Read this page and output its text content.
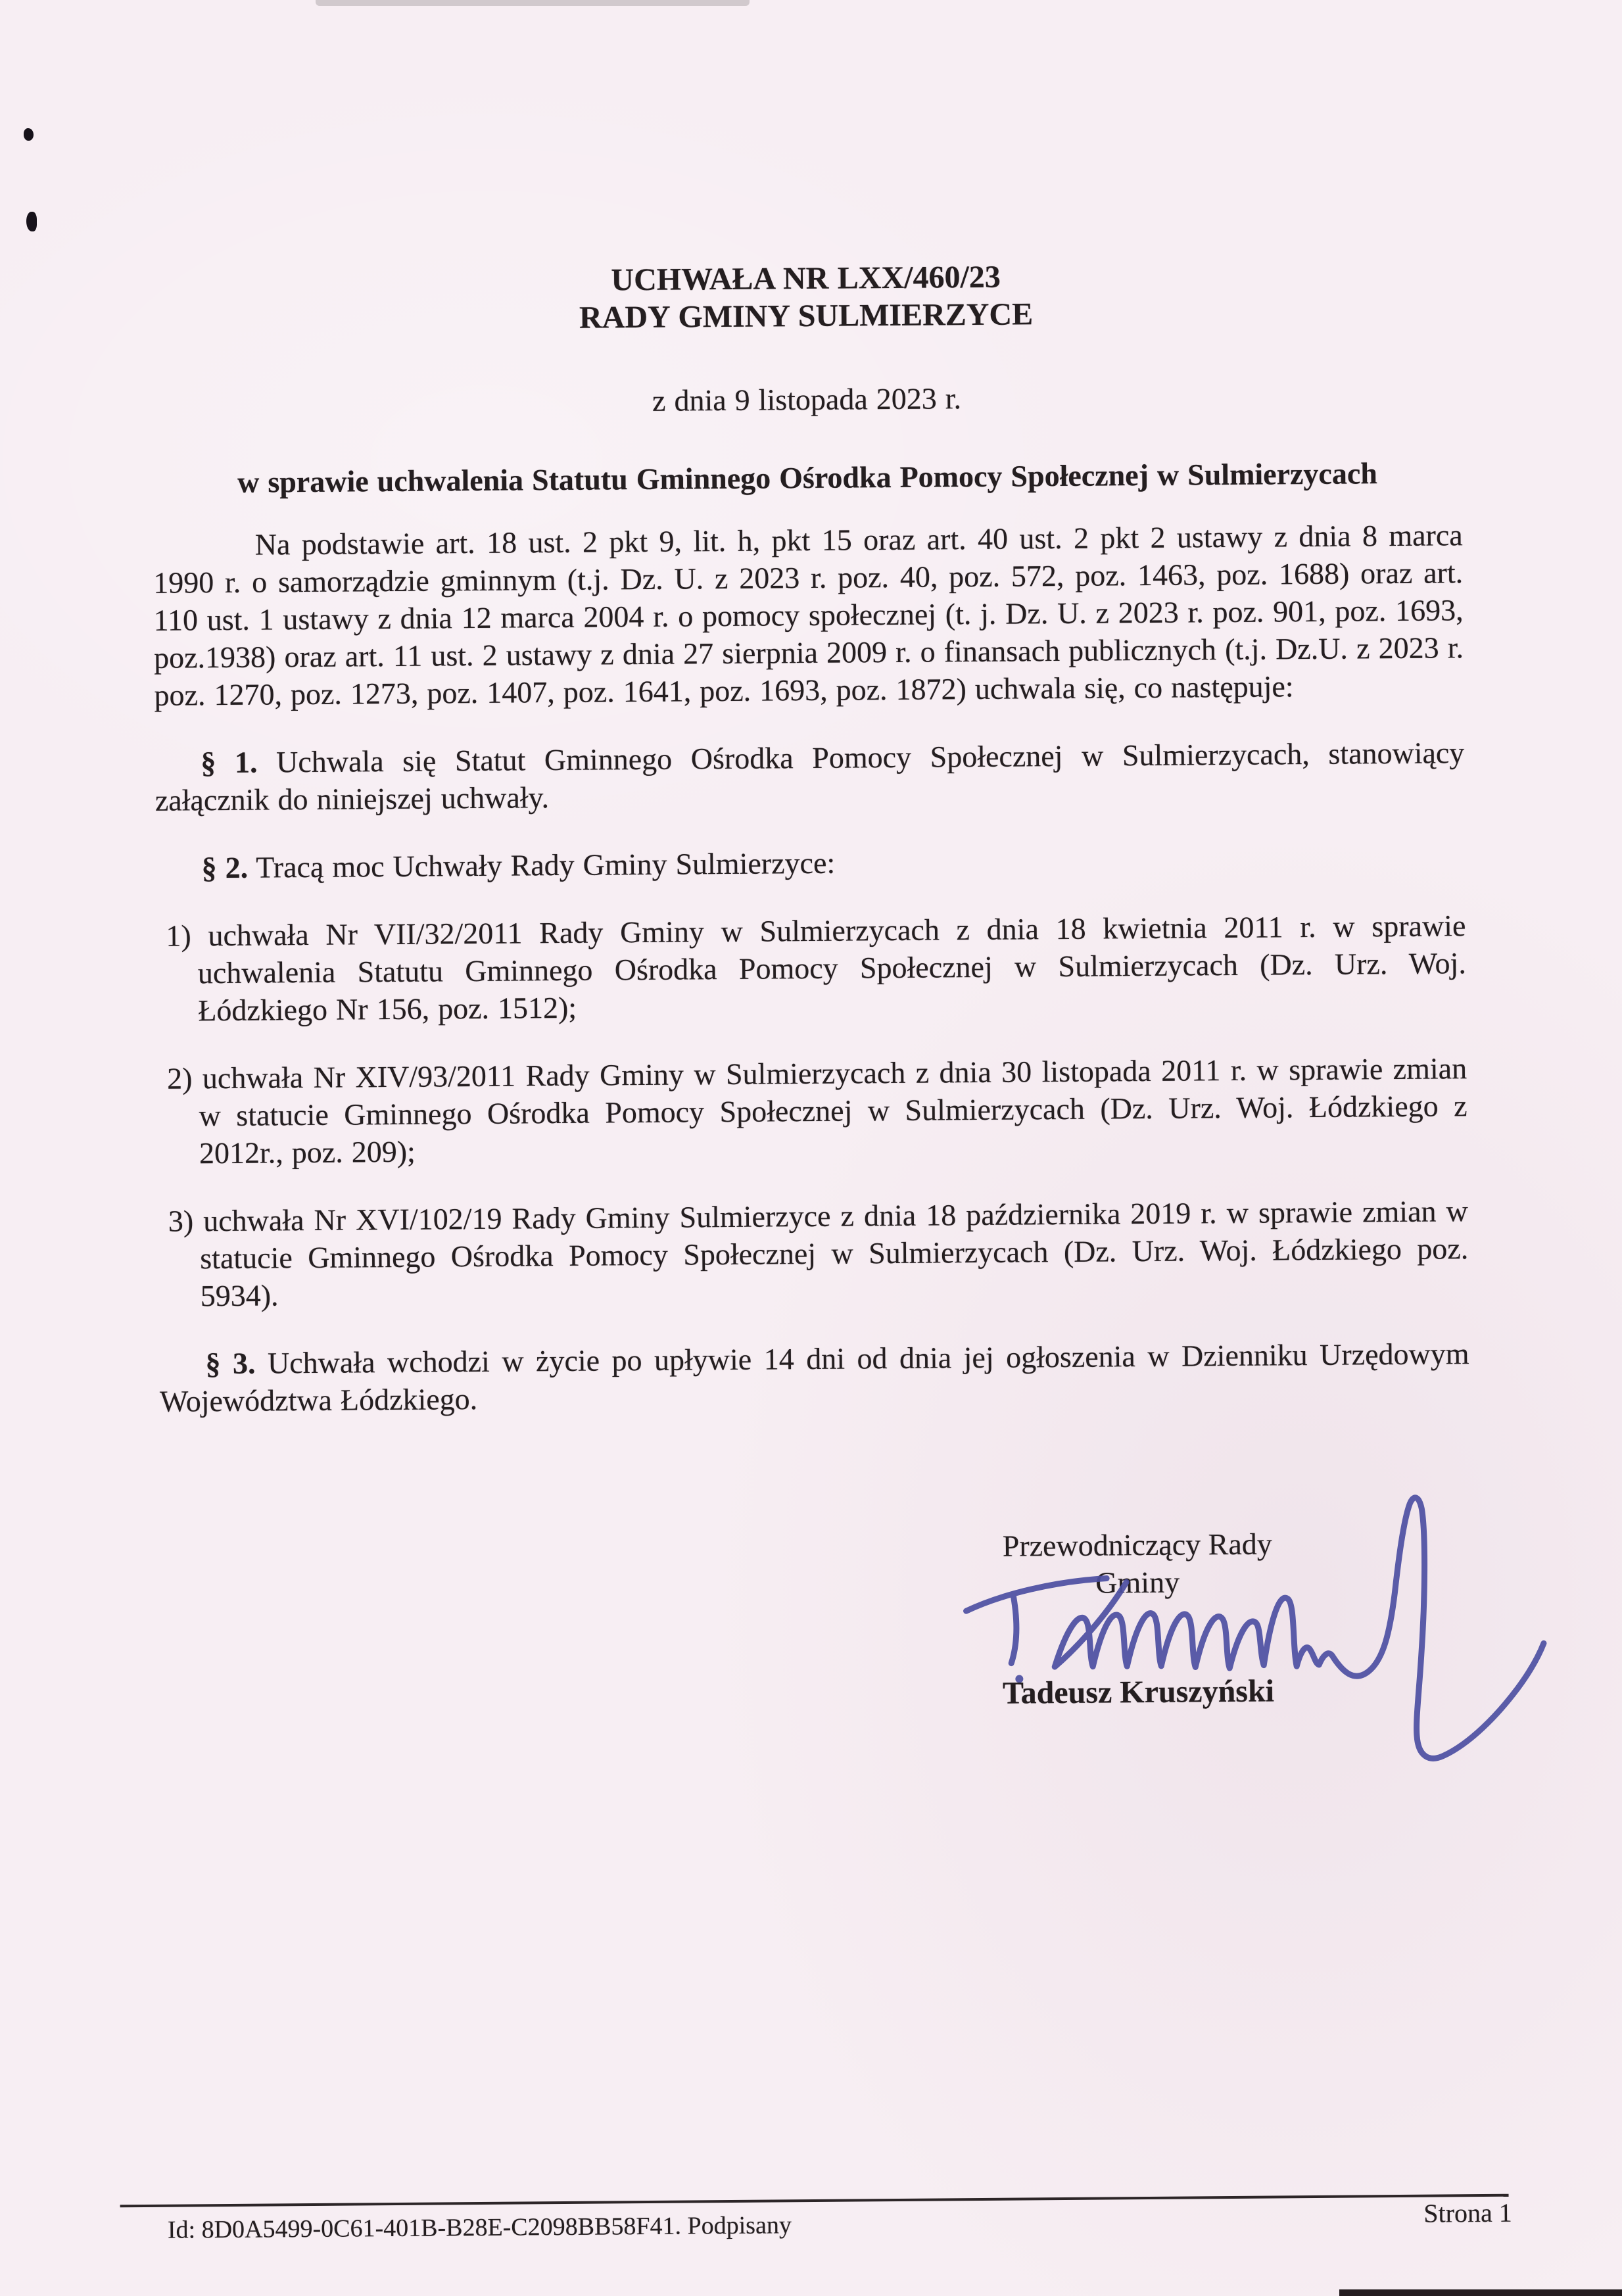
UCHWAŁA NR LXX/460/23
RADY GMINY SULMIERZYCE
z dnia 9 listopada 2023 r.
w sprawie uchwalenia Statutu Gminnego Ośrodka Pomocy Społecznej w Sulmierzycach

Na podstawie art. 18 ust. 2 pkt 9, lit. h, pkt 15 oraz art. 40 ust. 2 pkt 2 ustawy z dnia 8 marca 1990 r. o samorządzie gminnym (t.j. Dz. U. z 2023 r. poz. 40, poz. 572, poz. 1463, poz. 1688) oraz art. 110 ust. 1 ustawy z dnia 12 marca 2004 r. o pomocy społecznej (t. j. Dz. U. z 2023 r. poz. 901, poz. 1693, poz.1938) oraz art. 11 ust. 2 ustawy z dnia 27 sierpnia 2009 r. o finansach publicznych (t.j. Dz.U. z 2023 r. poz. 1270, poz. 1273, poz. 1407, poz. 1641, poz. 1693, poz. 1872) uchwala się, co następuje:

§ 1. Uchwala się Statut Gminnego Ośrodka Pomocy Społecznej w Sulmierzycach, stanowiący załącznik do niniejszej uchwały.

§ 2. Tracą moc Uchwały Rady Gminy Sulmierzyce:

1) uchwała Nr VII/32/2011 Rady Gminy w Sulmierzycach z dnia 18 kwietnia 2011 r. w sprawie uchwalenia Statutu Gminnego Ośrodka Pomocy Społecznej w Sulmierzycach (Dz. Urz. Woj. Łódzkiego Nr 156, poz. 1512);

2) uchwała Nr XIV/93/2011 Rady Gminy w Sulmierzycach z dnia 30 listopada 2011 r. w sprawie zmian w statucie Gminnego Ośrodka Pomocy Społecznej w Sulmierzycach (Dz. Urz. Woj. Łódzkiego z 2012r., poz. 209);

3) uchwała Nr XVI/102/19 Rady Gminy Sulmierzyce z dnia 18 października 2019 r. w sprawie zmian w statucie Gminnego Ośrodka Pomocy Społecznej w Sulmierzycach (Dz. Urz. Woj. Łódzkiego poz. 5934).

§ 3. Uchwała wchodzi w życie po upływie 14 dni od dnia jej ogłoszenia w Dzienniku Urzędowym Województwa Łódzkiego.

Przewodniczący Rady
Gminy
Tadeusz Kruszyński
Id: 8D0A5499-0C61-401B-B28E-C2098BB58F41. Podpisany	Strona 1
